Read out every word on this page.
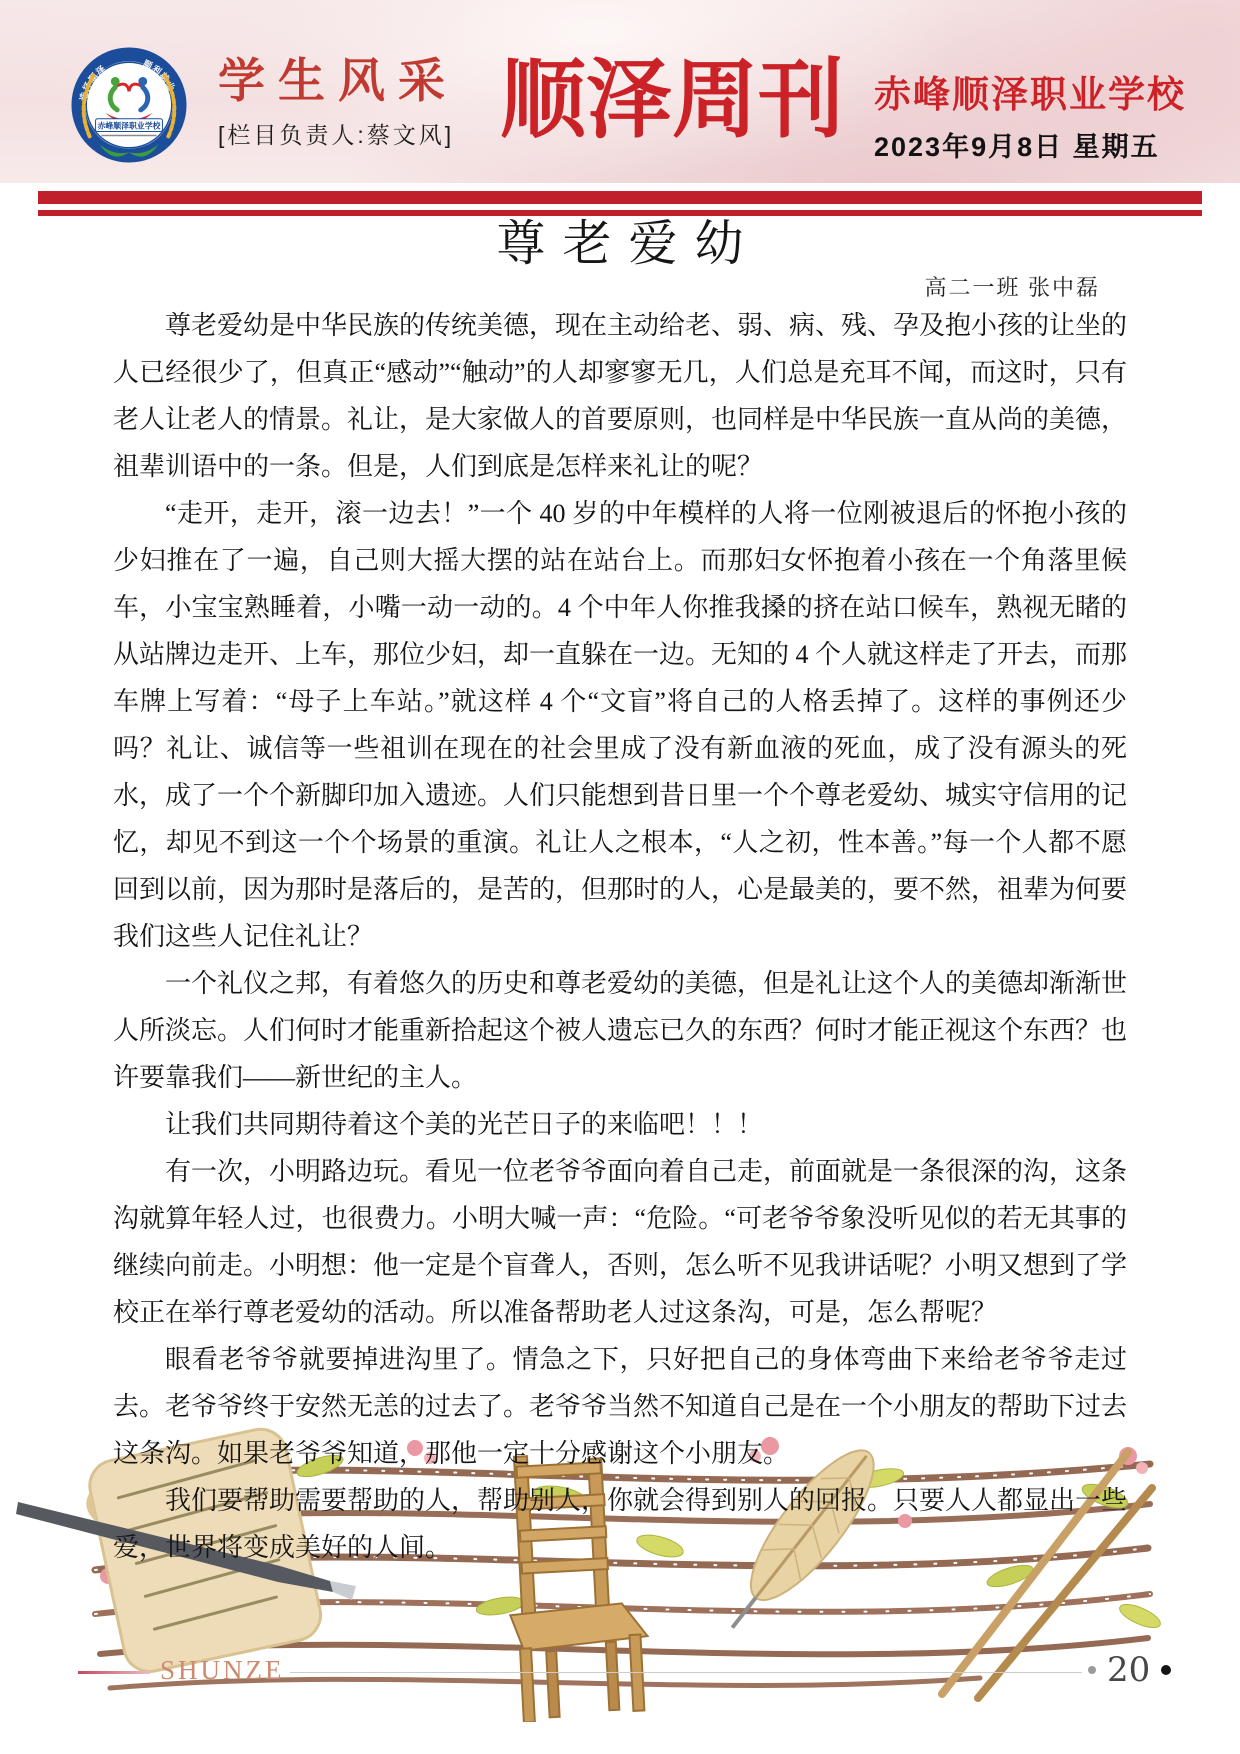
选择顺泽	顺利就业
赤峰顺泽职业学校
学生风采
[栏目负责人:蔡文风] 顺泽周刊 赤峰顺泽职业学校
2023年9月8日 星期五
尊老爱幼
高二一班 张中磊

尊老爱幼是中华民族的传统美德，现在主动给老、弱、病、残、孕及抱小孩的让坐的人已经很少了，但真正“感动”“触动”的人却寥寥无几，人们总是充耳不闻，而这时，只有老人让老人的情景。礼让，是大家做人的首要原则，也同样是中华民族一直从尚的美德，祖辈训语中的一条。但是，人们到底是怎样来礼让的呢？

“走开，走开，滚一边去！”一个 40 岁的中年模样的人将一位刚被退后的怀抱小孩的少妇推在了一遍，自己则大摇大摆的站在站台上。而那妇女怀抱着小孩在一个角落里候车，小宝宝熟睡着，小嘴一动一动的。4 个中年人你推我搡的挤在站口候车，熟视无睹的从站牌边走开、上车，那位少妇，却一直躲在一边。无知的 4 个人就这样走了开去，而那车牌上写着：“母子上车站。”就这样 4 个“文盲”将自己的人格丢掉了。这样的事例还少吗？礼让、诚信等一些祖训在现在的社会里成了没有新血液的死血，成了没有源头的死水，成了一个个新脚印加入遗迹。人们只能想到昔日里一个个尊老爱幼、城实守信用的记忆，却见不到这一个个场景的重演。礼让人之根本，“人之初，性本善。”每一个人都不愿回到以前，因为那时是落后的，是苦的，但那时的人，心是最美的，要不然，祖辈为何要我们这些人记住礼让？

一个礼仪之邦，有着悠久的历史和尊老爱幼的美德，但是礼让这个人的美德却渐渐世人所淡忘。人们何时才能重新拾起这个被人遗忘已久的东西？何时才能正视这个东西？也许要靠我们——新世纪的主人。

让我们共同期待着这个美的光芒日子的来临吧！！！

有一次，小明路边玩。看见一位老爷爷面向着自己走，前面就是一条很深的沟，这条沟就算年轻人过，也很费力。小明大喊一声：“危险。“可老爷爷象没听见似的若无其事的继续向前走。小明想：他一定是个盲聋人，否则，怎么听不见我讲话呢？小明又想到了学校正在举行尊老爱幼的活动。所以准备帮助老人过这条沟，可是，怎么帮呢？

眼看老爷爷就要掉进沟里了。情急之下，只好把自己的身体弯曲下来给老爷爷走过去。老爷爷终于安然无恙的过去了。老爷爷当然不知道自己是在一个小朋友的帮助下过去这条沟。如果老爷爷知道，那他一定十分感谢这个小朋友。

我们要帮助需要帮助的人，帮助别人，你就会得到别人的回报。只要人人都显出一些爱，世界将变成美好的人间。

SHUNZE	20
